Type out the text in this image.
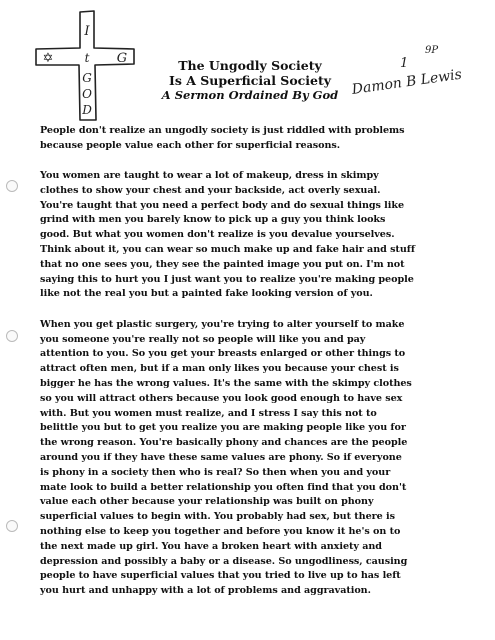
I
✡	t G
G
O
D
The Ungodly Society
Is A Superficial Society
A Sermon Ordained By God
9P
1
Damon B Lewis

People don't realize an ungodly society is just riddled with problems
because people value each other for superficial reasons.

You women are taught to wear a lot of makeup, dress in skimpy
clothes to show your chest and your backside, act overly sexual.
You're taught that you need a perfect body and do sexual things like
grind with men you barely know to pick up a guy you think looks
good. But what you women don't realize is you devalue yourselves.
Think about it, you can wear so much make up and fake hair and stuff
that no one sees you, they see the painted image you put on. I'm not
saying this to hurt you I just want you to realize you're making people
like not the real you but a painted fake looking version of you.

When you get plastic surgery, you're trying to alter yourself to make
you someone you're really not so people will like you and pay
attention to you. So you get your breasts enlarged or other things to
attract often men, but if a man only likes you because your chest is
bigger he has the wrong values. It's the same with the skimpy clothes
so you will attract others because you look good enough to have sex
with. But you women must realize, and I stress I say this not to
belittle you but to get you realize you are making people like you for
the wrong reason. You're basically phony and chances are the people
around you if they have these same values are phony. So if everyone
is phony in a society then who is real? So then when you and your
mate look to build a better relationship you often find that you don't
value each other because your relationship was built on phony
superficial values to begin with. You probably had sex, but there is
nothing else to keep you together and before you know it he's on to
the next made up girl. You have a broken heart with anxiety and
depression and possibly a baby or a disease. So ungodliness, causing
people to have superficial values that you tried to live up to has left
you hurt and unhappy with a lot of problems and aggravation.
